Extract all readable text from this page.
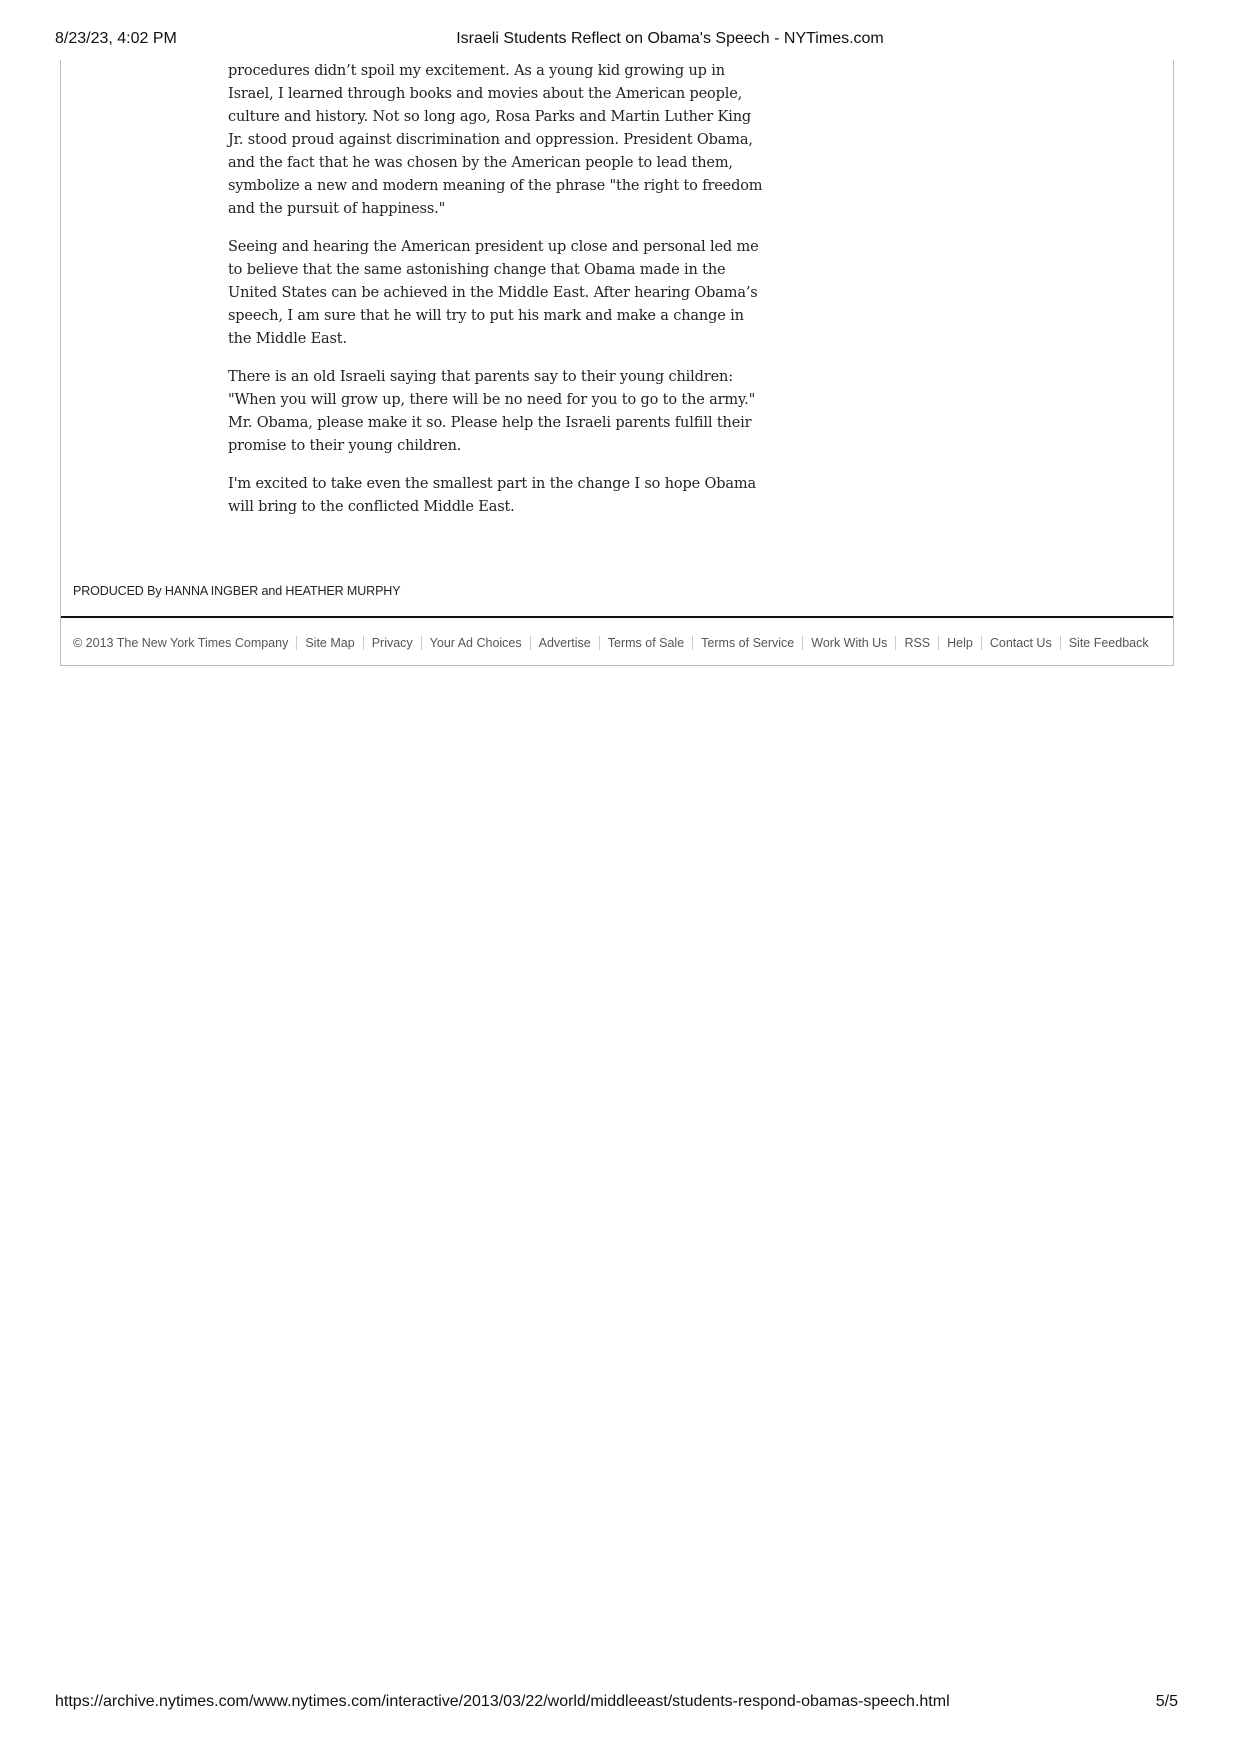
8/23/23, 4:02 PM	Israeli Students Reflect on Obama's Speech - NYTimes.com

procedures didn’t spoil my excitement. As a young kid growing up in Israel, I learned through books and movies about the American people, culture and history. Not so long ago, Rosa Parks and Martin Luther King Jr. stood proud against discrimination and oppression. President Obama, and the fact that he was chosen by the American people to lead them, symbolize a new and modern meaning of the phrase "the right to freedom and the pursuit of happiness."

Seeing and hearing the American president up close and personal led me to believe that the same astonishing change that Obama made in the United States can be achieved in the Middle East. After hearing Obama’s speech, I am sure that he will try to put his mark and make a change in the Middle East.

There is an old Israeli saying that parents say to their young children: "When you will grow up, there will be no need for you to go to the army." Mr. Obama, please make it so. Please help the Israeli parents fulfill their promise to their young children.

I'm excited to take even the smallest part in the change I so hope Obama will bring to the conflicted Middle East.

PRODUCED By HANNA INGBER and HEATHER MURPHY
© 2013 The New York Times Company	Site Map	Privacy	Your Ad Choices	Advertise	Terms of Sale	Terms of Service	Work With Us	RSS	Help	Contact Us	Site Feedback
https://archive.nytimes.com/www.nytimes.com/interactive/2013/03/22/world/middleeast/students-respond-obamas-speech.html	5/5
